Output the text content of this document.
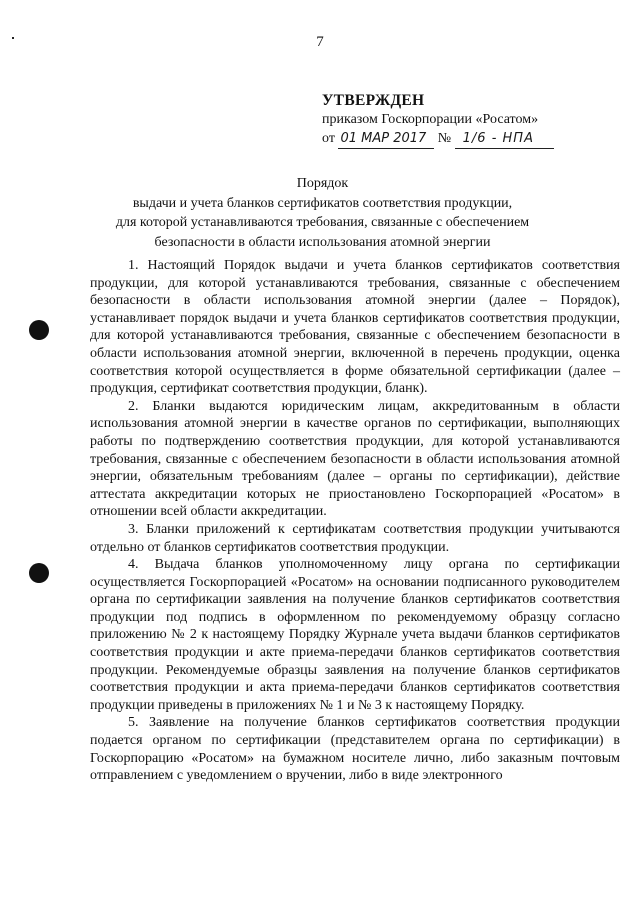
7
УТВЕРЖДЕН
приказом Госкорпорации «Росатом»
от 01 МАР 2017 № 1/6 - НПА
Порядок
выдачи и учета бланков сертификатов соответствия продукции,
для которой устанавливаются требования, связанные с обеспечением
безопасности в области использования атомной энергии

1. Настоящий Порядок выдачи и учета бланков сертификатов соответствия продукции, для которой устанавливаются требования, связанные с обеспечением безопасности в области использования атомной энергии (далее – Порядок), устанавливает порядок выдачи и учета бланков сертификатов соответствия продукции, для которой устанавливаются требования, связанные с обеспечением безопасности в области использования атомной энергии, включенной в перечень продукции, оценка соответствия которой осуществляется в форме обязательной сертификации (далее – продукция, сертификат соответствия продукции, бланк).

2. Бланки выдаются юридическим лицам, аккредитованным в области использования атомной энергии в качестве органов по сертификации, выполняющих работы по подтверждению соответствия продукции, для которой устанавливаются требования, связанные с обеспечением безопасности в области использования атомной энергии, обязательным требованиям (далее – органы по сертификации), действие аттестата аккредитации которых не приостановлено Госкорпорацией «Росатом» в отношении всей области аккредитации.

3. Бланки приложений к сертификатам соответствия продукции учитываются отдельно от бланков сертификатов соответствия продукции.

4. Выдача бланков уполномоченному лицу органа по сертификации осуществляется Госкорпорацией «Росатом» на основании подписанного руководителем органа по сертификации заявления на получение бланков сертификатов соответствия продукции под подпись в оформленном по рекомендуемому образцу согласно приложению № 2 к настоящему Порядку Журнале учета выдачи бланков сертификатов соответствия продукции и акте приема-передачи бланков сертификатов соответствия продукции. Рекомендуемые образцы заявления на получение бланков сертификатов соответствия продукции и акта приема-передачи бланков сертификатов соответствия продукции приведены в приложениях № 1 и № 3 к настоящему Порядку.

5. Заявление на получение бланков сертификатов соответствия продукции подается органом по сертификации (представителем органа по сертификации) в Госкорпорацию «Росатом» на бумажном носителе лично, либо заказным почтовым отправлением с уведомлением о вручении, либо в виде электронного
